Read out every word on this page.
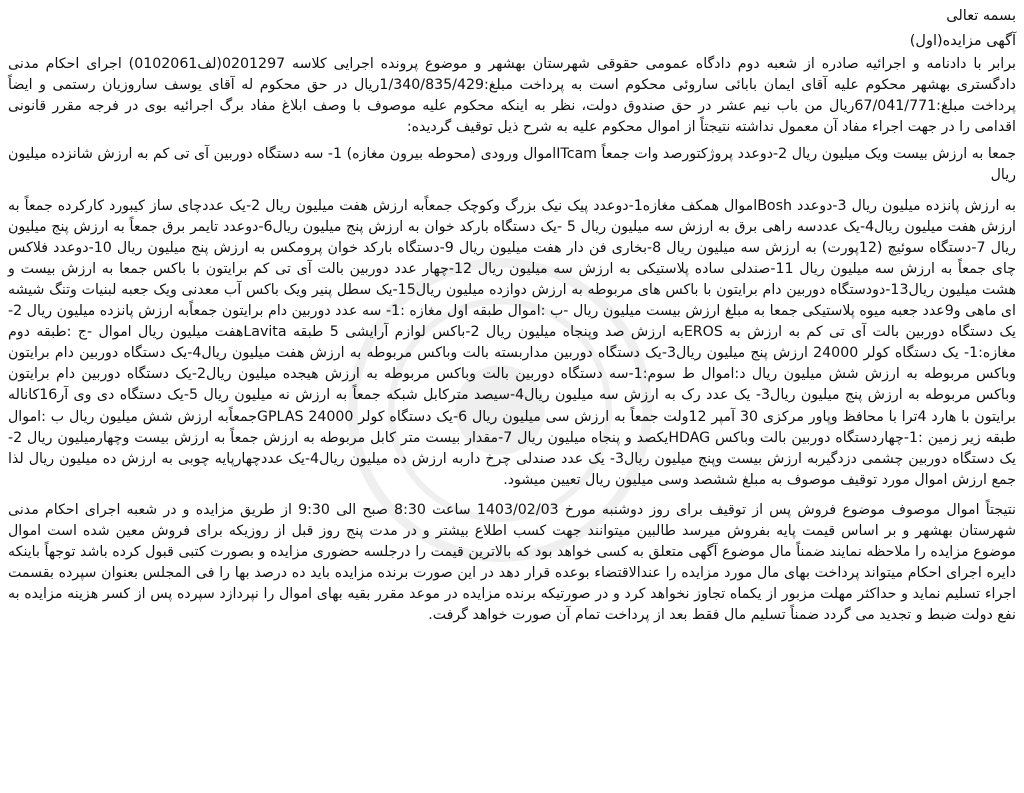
بسمه تعالی

آگهی مزایده(اول)

برابر با دادنامه و اجرائیه صادره از شعبه دوم دادگاه عمومی حقوقی شهرستان بهشهر و موضوع پرونده اجرایی کلاسه 0201297(لف0102061) اجرای احکام مدنی دادگستری بهشهر محکوم علیه آقای ایمان بابائی ساروئی محکوم است به پرداخت مبلغ:1/340/835/429ریال در حق محکوم له آقای یوسف ساروزیان رستمی و ایضاً پرداخت مبلغ:67/041/771ریال من باب نیم عشر در حق صندوق دولت، نظر به اینکه محکوم علیه موصوف با وصف ابلاغ مفاد برگ اجرائیه بوی در فرجه مقرر قانونی اقدامی را در جهت اجراء مفاد آن معمول نداشته نتیجتاً از اموال محکوم علیه به شرح ذیل توقیف گردیده:

جمعا به ارزش بیست ویک میلیون ریال 2-دوعدد پروژکتورصد وات جمعاً ITcamاموال ورودی (محوطه بیرون مغازه) 1- سه دستگاه دوربین آی تی کم به ارزش شانزده میلیون ریال

به ارزش پانزده میلیون ریال 3-دوعدد Boshاموال همکف مغازه1-دوعدد پیک نیک بزرگ وکوچک جمعاًبه ارزش هفت میلیون ریال 2-یک عددچای ساز کیبورد کارکرده جمعاً به ارزش هفت میلیون ریال4-یک عددسه راهی برق به ارزش سه میلیون ریال 5 -یک دستگاه بارکد خوان به ارزش پنج میلیون ریال6-دوعدد تایمر برق جمعاً به ارزش پنج میلیون ریال 7-دستگاه سوئیچ (12پورت) به ارزش سه میلیون ریال 8-بخاری فن دار هفت میلیون ریال 9-دستگاه بارکد خوان پرومکس به ارزش پنج میلیون ریال 10-دوعدد فلاکس چای جمعاً به ارزش سه میلیون ریال 11-صندلی ساده پلاستیکی به ارزش سه میلیون ریال 12-چهار عدد دوربین بالت آی تی کم برایتون با باکس جمعا به ارزش بیست و هشت میلیون ریال13-دودستگاه دوربین دام برایتون با باکس های مربوطه به ارزش دوازده میلیون ریال15-یک سطل پنیر ویک باکس آب معدنی ویک جعبه لبنیات وتنگ شیشه ای ماهی و9عدد جعبه میوه پلاستیکی جمعا به مبلغ ارزش بیست میلیون ریال -ب :اموال طبقه اول مغازه :1- سه عدد دوربین دام برایتون جمعاًبه ارزش پانزده میلیون ریال 2-یک دستگاه دوربین بالت آی تی کم به ارزش به EROSبه ارزش صد وپنجاه میلیون ریال 2-باکس لوازم آرایشی 5 طبقه Lavitaهفت میلیون ریال اموال -ج :طبقه دوم مغازه:1- یک دستگاه کولر 24000 ارزش پنج میلیون ریال3-یک دستگاه دوربین مداربسته بالت وباکس مربوطه به ارزش هفت میلیون ریال4-یک دستگاه دوربین دام برایتون وباکس مربوطه به ارزش شش میلیون ریال د:اموال ط سوم:1-سه دستگاه دوربین بالت وباکس مربوطه به ارزش هیجده میلیون ریال2-یک دستگاه دوربین دام برایتون وباکس مربوطه به ارزش پنج میلیون ریال3- یک عدد رک به ارزش سه میلیون ریال4-سیصد مترکابل شبکه جمعاً به ارزش نه میلیون ریال 5-یک دستگاه دی وی آر16کاناله برایتون با هارد 4ترا با محافظ وپاور مرکزی 30 آمپر 12ولت جمعاً به ارزش سی میلیون ریال 6-یک دستگاه کولر 24000 GPLASجمعاًبه ارزش شش میلیون ریال ب :اموال طبقه زیر زمین :1-چهاردستگاه دوربین بالت وباکس HDAGیکصد و پنجاه میلیون ریال 7-مقدار بیست متر کابل مربوطه به ارزش جمعاً به ارزش بیست وچهارمیلیون ریال 2-یک دستگاه دوربین چشمی دزدگیربه ارزش بیست وپنج میلیون ریال3- یک عدد صندلی چرخ داربه ارزش ده میلیون ریال4-یک عددچهارپایه چوبی به ارزش ده میلیون ریال لذا جمع ارزش اموال مورد توقیف موصوف به مبلغ ششصد وسی میلیون ریال تعیین میشود.

نتیجتاً اموال موصوف موضوع فروش پس از توقیف برای روز دوشنبه مورخ 1403/02/03 ساعت 8:30 صبح الی 9:30 از طریق مزایده و در شعبه اجرای احکام مدنی شهرستان بهشهر و بر اساس قیمت پایه بفروش میرسد طالبین میتوانند جهت کسب اطلاع بیشتر و در مدت پنج روز قبل از روزیکه برای فروش معین شده است اموال موضوع مزایده را ملاحظه نمایند ضمناً مال موضوع آگهی متعلق به کسی خواهد بود که بالاترین قیمت را درجلسه حضوری مزایده و بصورت کتبی قبول کرده باشد توجهاً باینکه دایره اجرای احکام میتواند پرداخت بهای مال مورد مزایده را عندالاقتضاء بوعده قرار دهد در این صورت برنده مزایده باید ده درصد بها را فی المجلس بعنوان سپرده بقسمت اجراء تسلیم نماید و حداکثر مهلت مزبور از یکماه تجاوز نخواهد کرد و در صورتیکه برنده مزایده در موعد مقرر بقیه بهای اموال را نپردازد سپرده پس از کسر هزینه مزایده به نفع دولت ضبط و تجدید می گردد ضمناً تسلیم مال فقط بعد از پرداخت تمام آن صورت خواهد گرفت.
